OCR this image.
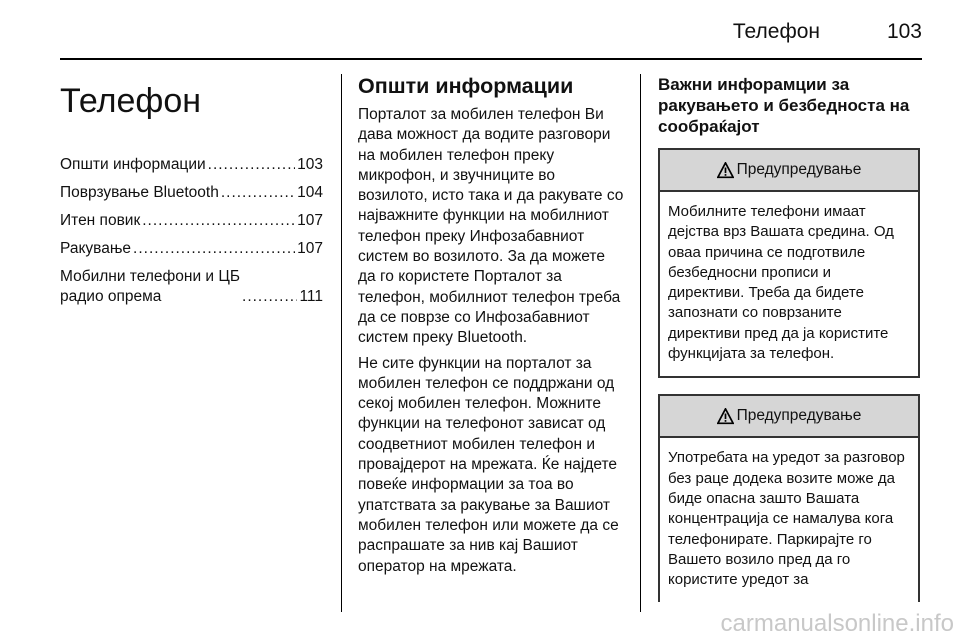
Телефон	103
Телефон
Општи информации .....	103
Поврзување Bluetooth .....	104
Итен повик .....	107
Ракување .....	107
Мобилни телефони и ЦБ
радио опрема .....	111
Општи информации

Порталот за мобилен телефон Ви дава можност да водите разговори на мобилен телефон преку микрофон, и звучниците во возилото, исто така и да ракувате со најважните функции на мобилниот телефон преку Инфозабавниот систем во возилото. За да можете да го користете Порталот за телефон, мобилниот телефон треба да се поврзе со Инфозабавниот систем преку Bluetooth.

Не сите функции на порталот за мобилен телефон се поддржани од секој мобилен телефон. Можните функции на телефонот зависат од соодветниот мобилен телефон и провајдерот на мрежата. Ќе најдете повеќе информации за тоа во упатствата за ракување за Вашиот мобилен телефон или можете да се распрашате за нив кај Вашиот оператор на мрежата.

Важни инфорамции за ракувањето и безбедноста на сообраќајот
Предупредување
Мобилните телефони имаат дејства врз Вашата средина. Од оваа причина се подготвиле безбедносни прописи и директиви. Треба да бидете запознати со поврзаните директиви пред да ја користите функцијата за телефон.
Предупредување
Употребата на уредот за разговор без раце додека возите може да биде опасна зашто Вашата концентрација се намалува кога телефонирате. Паркирајте го Вашето возило пред да го користите уредот за
carmanualsonline.info
